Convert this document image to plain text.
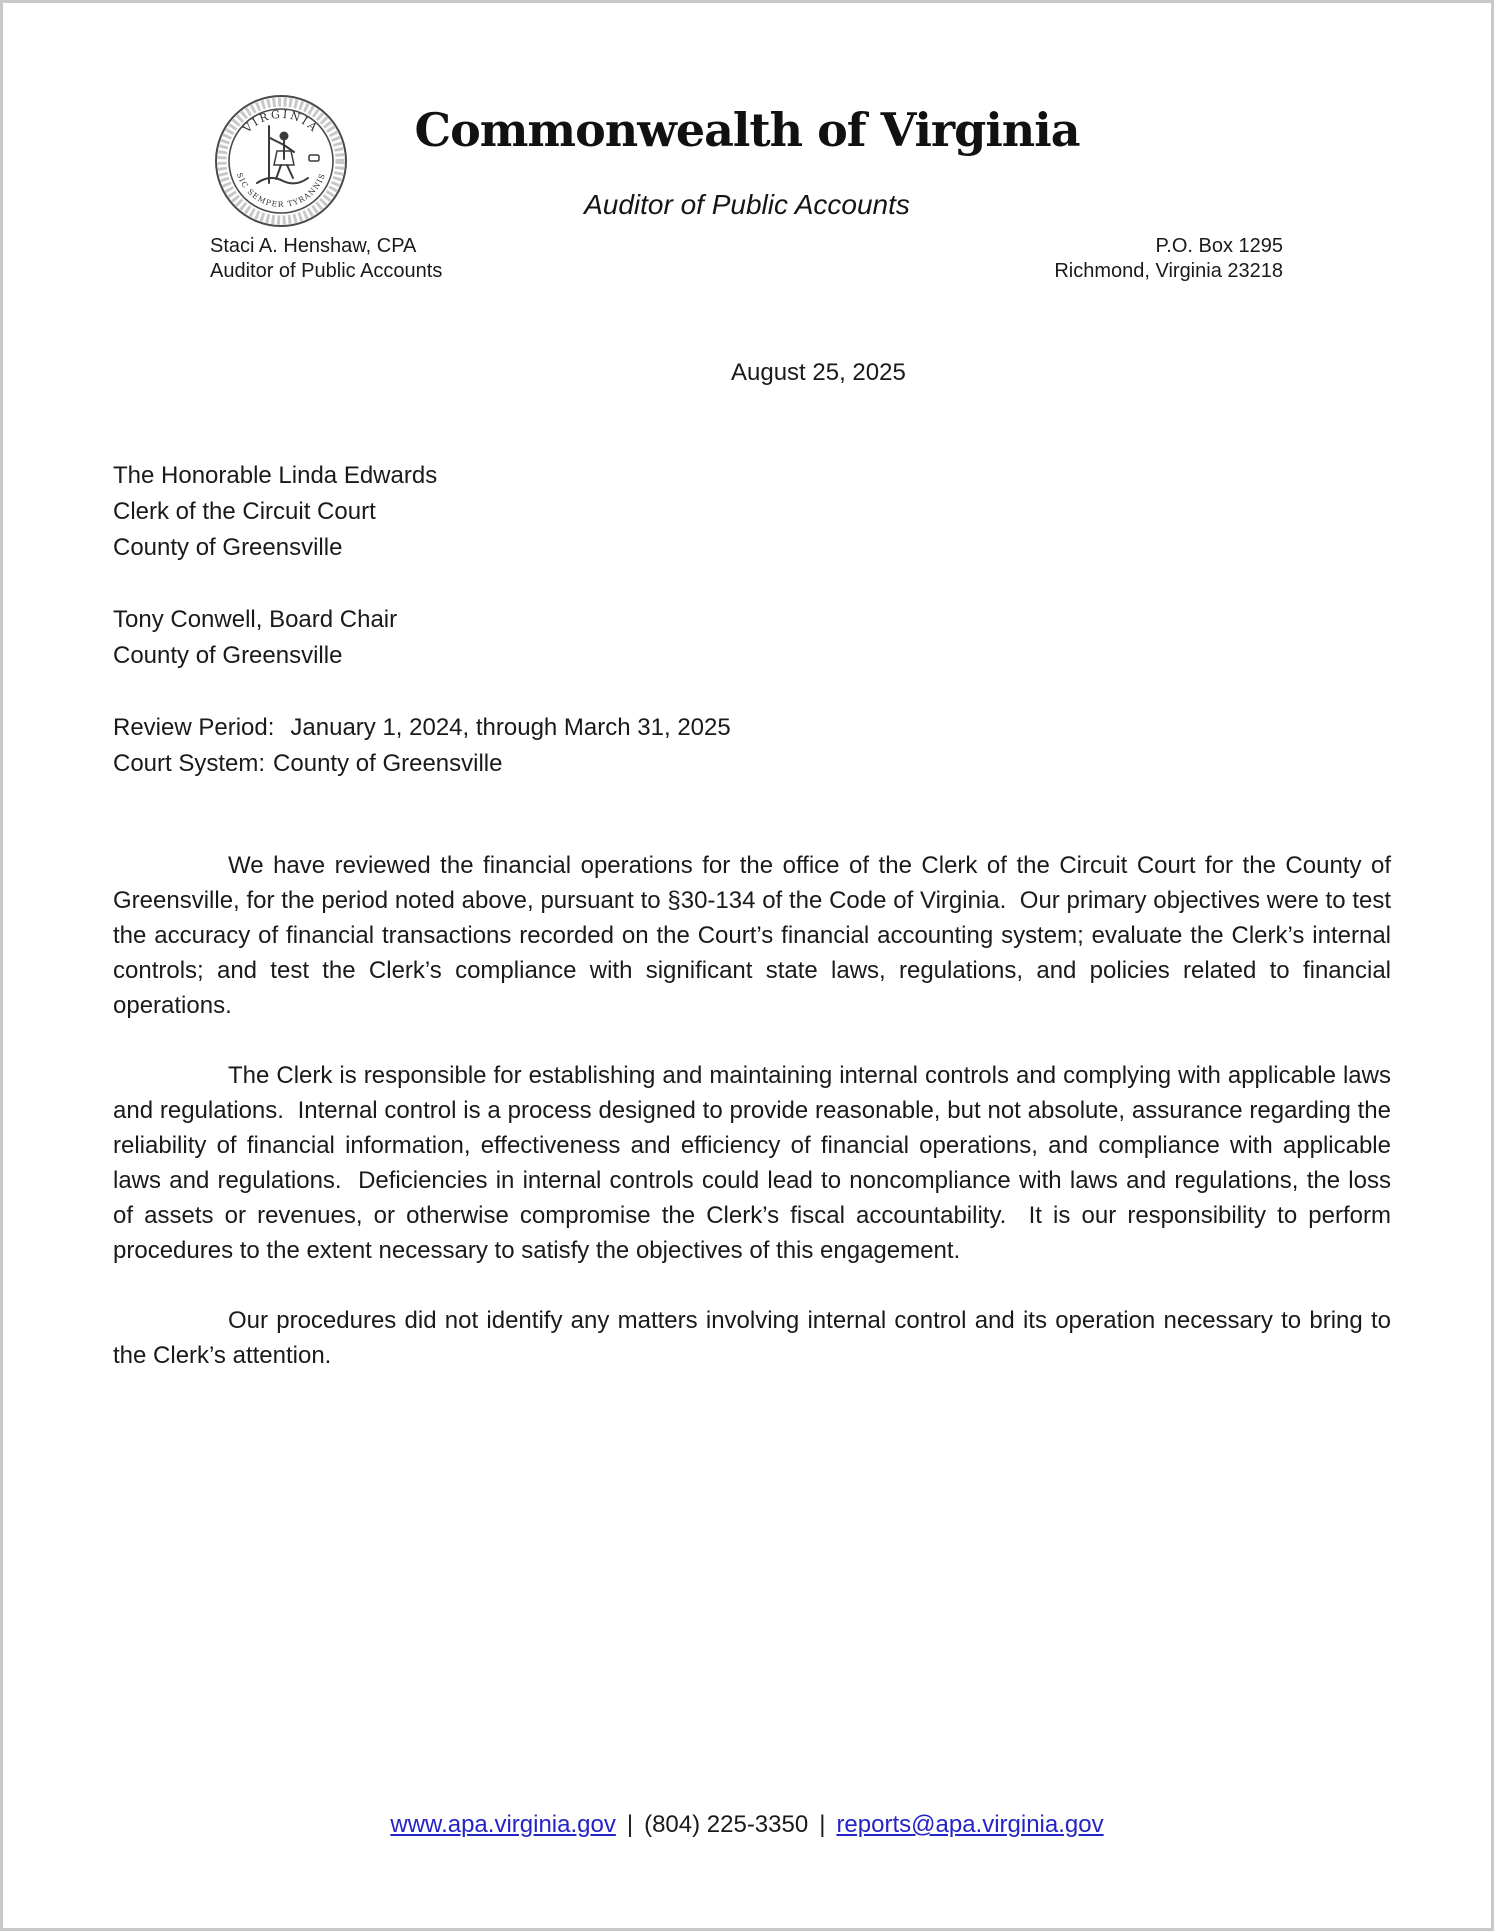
VIRGINIA
SIC SEMPER TYRANNIS
Commonwealth of Virginia
Auditor of Public Accounts
Staci A. Henshaw, CPA
Auditor of Public Accounts
P.O. Box 1295
Richmond, Virginia 23218
August 25, 2025
The Honorable Linda Edwards
Clerk of the Circuit Court
County of Greensville
Tony Conwell, Board Chair
County of Greensville
Review Period: January 1, 2024, through March 31, 2025
Court System: County of Greensville

We have reviewed the financial operations for the office of the Clerk of the Circuit Court for the County of Greensville, for the period noted above, pursuant to §30-134 of the Code of Virginia.  Our primary objectives were to test the accuracy of financial transactions recorded on the Court’s financial accounting system; evaluate the Clerk’s internal controls; and test the Clerk’s compliance with significant state laws, regulations, and policies related to financial operations.

The Clerk is responsible for establishing and maintaining internal controls and complying with applicable laws and regulations.  Internal control is a process designed to provide reasonable, but not absolute, assurance regarding the reliability of financial information, effectiveness and efficiency of financial operations, and compliance with applicable laws and regulations.  Deficiencies in internal controls could lead to noncompliance with laws and regulations, the loss of assets or revenues, or otherwise compromise the Clerk’s fiscal accountability.  It is our responsibility to perform procedures to the extent necessary to satisfy the objectives of this engagement.

Our procedures did not identify any matters involving internal control and its operation necessary to bring to the Clerk’s attention.

www.apa.virginia.gov | (804) 225-3350 | reports@apa.virginia.gov
